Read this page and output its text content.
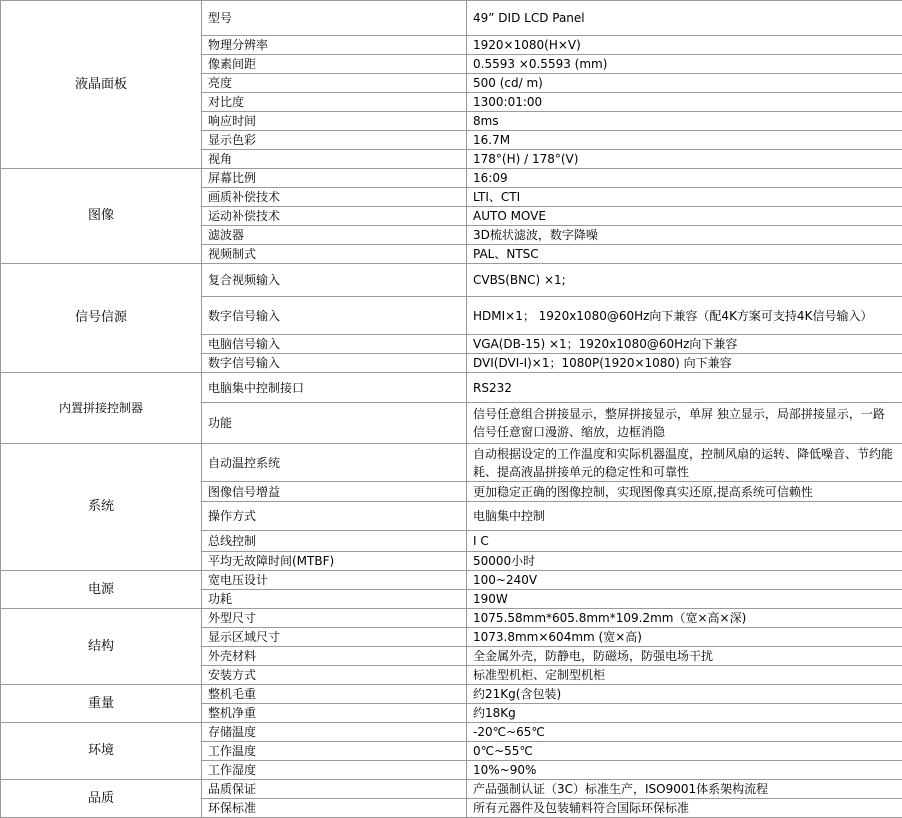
液晶面板	型号	49” DID LCD Panel
	物理分辨率	1920×1080(H×V)
	像素间距	0.5593 ×0.5593 (mm)
	亮度	500 (cd/ m)
	对比度	1300:01:00
	响应时间	8ms
	显示色彩	16.7M
	视角	178°(H) / 178°(V)
图像	屏幕比例	16:09
	画质补偿技术	LTI、CTI
	运动补偿技术	AUTO MOVE
	滤波器	3D梳状滤波，数字降噪
	视频制式	PAL、NTSC
信号信源	复合视频输入	CVBS(BNC) ×1;
	数字信号输入	HDMI×1； 1920x1080@60Hz向下兼容（配4K方案可支持4K信号输入）
	电脑信号输入	VGA(DB-15) ×1；1920x1080@60Hz向下兼容
	数字信号输入	DVI(DVI-I)×1；1080P(1920×1080) 向下兼容
内置拼接控制器	电脑集中控制接口	RS232
	功能	信号任意组合拼接显示，整屏拼接显示，单屏 独立显示，局部拼接显示，一路信号任意窗口漫游、缩放，边框消隐
系统	自动温控系统	自动根据设定的工作温度和实际机器温度，控制风扇的运转、降低噪音、节约能耗、提高液晶拼接单元的稳定性和可靠性
	图像信号增益	更加稳定正确的图像控制，实现图像真实还原,提高系统可信赖性
	操作方式	电脑集中控制
	总线控制	I C
	平均无故障时间(MTBF)	50000小时
电源	宽电压设计	100~240V
	功耗	190W
结构	外型尺寸	1075.58mm*605.8mm*109.2mm（宽×高×深)
	显示区域尺寸	1073.8mm×604mm (宽×高)
	外壳材料	全金属外壳，防静电，防磁场，防强电场干扰
	安装方式	标准型机柜、定制型机柜
重量	整机毛重	约21Kg(含包装)
	整机净重	约18Kg
环境	存储温度	-20℃~65℃
	工作温度	0℃~55℃
	工作湿度	10%~90%
品质	品质保证	产品强制认证（3C）标准生产，ISO9001体系架构流程
	环保标准	所有元器件及包装辅料符合国际环保标准
